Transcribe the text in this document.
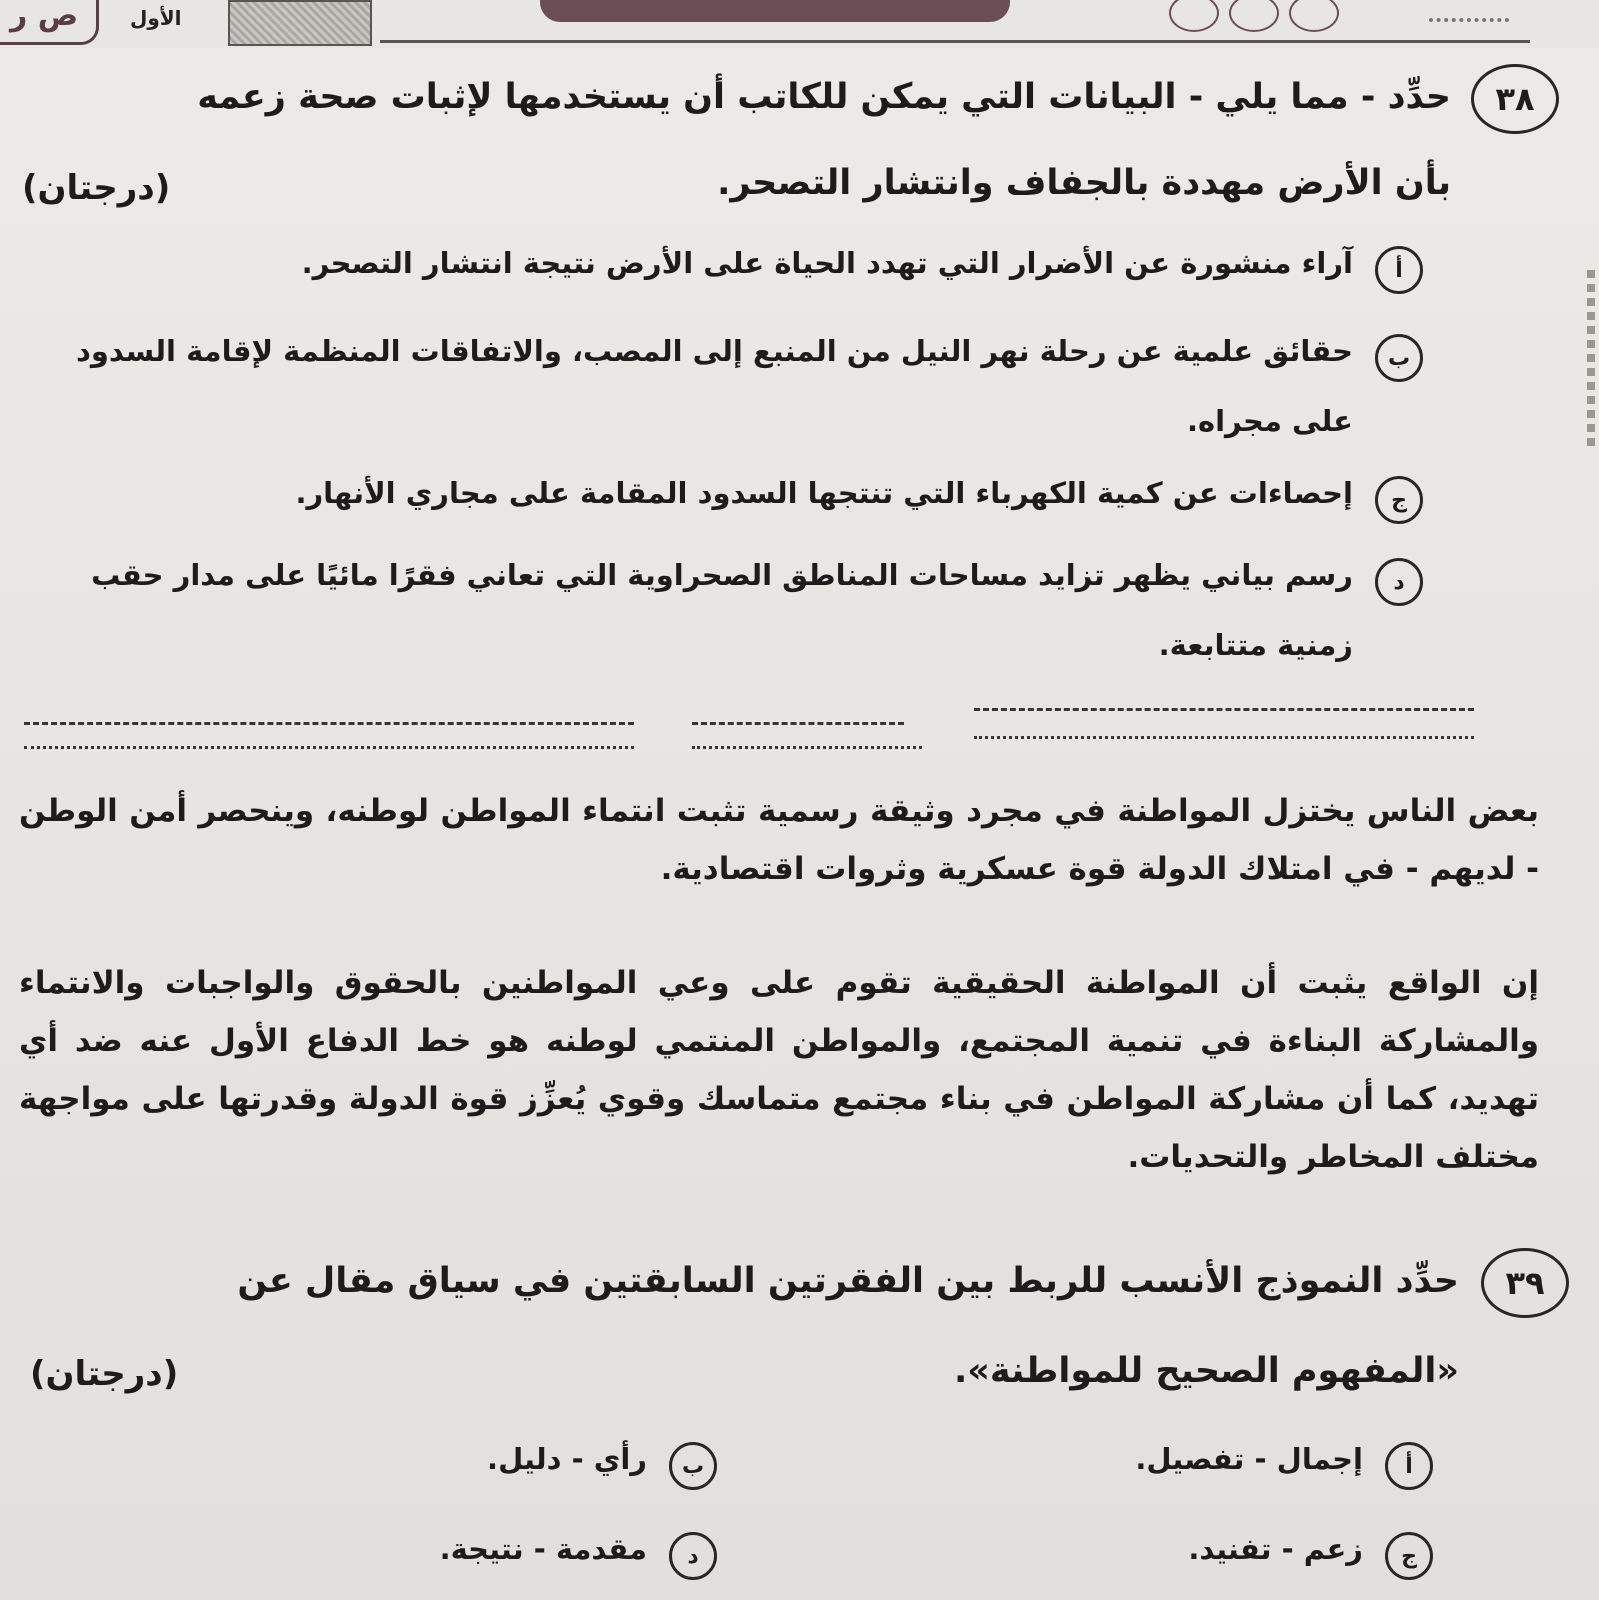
ص ر	الأول
٣٨

حدِّد - مما يلي - البيانات التي يمكن للكاتب أن يستخدمها لإثبات صحة زعمه

بأن الأرض مهددة بالجفاف وانتشار التصحر.

(درجتان)
أ
آراء منشورة عن الأضرار التي تهدد الحياة على الأرض نتيجة انتشار التصحر.
ب
حقائق علمية عن رحلة نهر النيل من المنبع إلى المصب، والاتفاقات المنظمة لإقامة السدود على مجراه.
ج
إحصاءات عن كمية الكهرباء التي تنتجها السدود المقامة على مجاري الأنهار.
د
رسم بياني يظهر تزايد مساحات المناطق الصحراوية التي تعاني فقرًا مائيًا على مدار حقب زمنية متتابعة.

بعض الناس يختزل المواطنة في مجرد وثيقة رسمية تثبت انتماء المواطن لوطنه، وينحصر أمن الوطن - لديهم - في امتلاك الدولة قوة عسكرية وثروات اقتصادية.

إن الواقع يثبت أن المواطنة الحقيقية تقوم على وعي المواطنين بالحقوق والواجبات والانتماء والمشاركة البناءة في تنمية المجتمع، والمواطن المنتمي لوطنه هو خط الدفاع الأول عنه ضد أي تهديد، كما أن مشاركة المواطن في بناء مجتمع متماسك وقوي يُعزِّز قوة الدولة وقدرتها على مواجهة مختلف المخاطر والتحديات.

٣٩

حدِّد النموذج الأنسب للربط بين الفقرتين السابقتين في سياق مقال عن

«المفهوم الصحيح للمواطنة».

(درجتان)
أ
إجمال - تفصيل.
ب
رأي - دليل.
ج
زعم - تفنيد.
د
مقدمة - نتيجة.
